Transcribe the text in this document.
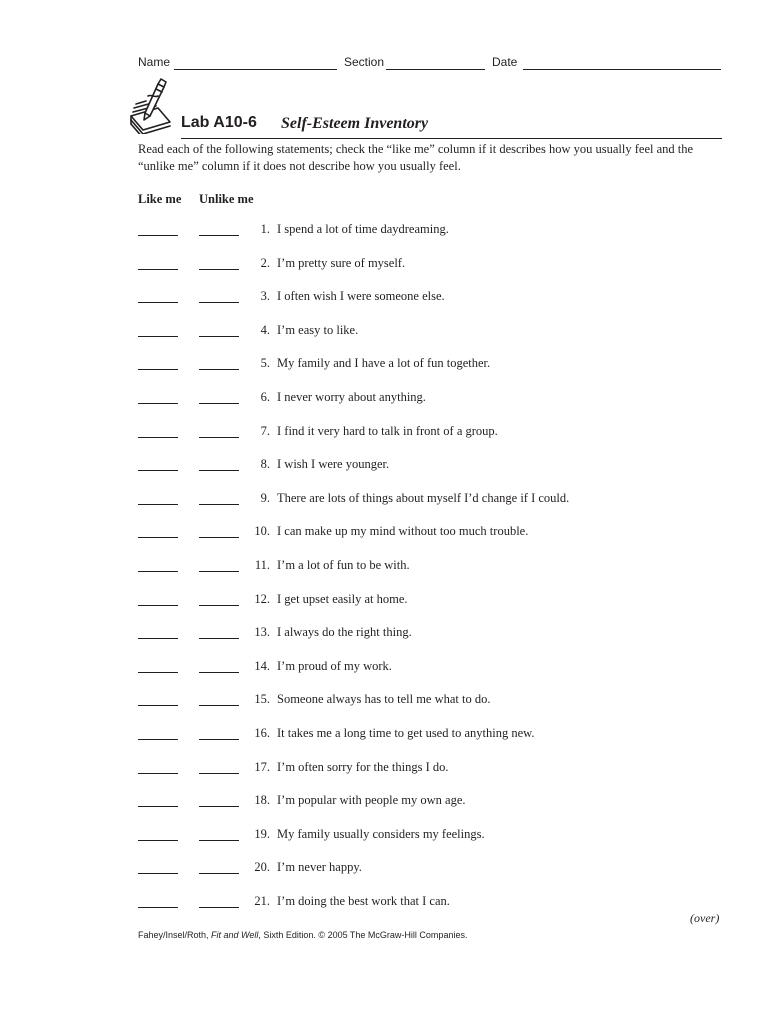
Name	Section	Date
Lab A10-6 Self-Esteem Inventory

Read each of the following statements; check the “like me” column if it describes how you usually feel and the “unlike me” column if it does not describe how you usually feel.

Like me Unlike me
1. I spend a lot of time daydreaming.
2. I’m pretty sure of myself.
3. I often wish I were someone else.
4. I’m easy to like.
5. My family and I have a lot of fun together.
6. I never worry about anything.
7. I find it very hard to talk in front of a group.
8. I wish I were younger.
9. There are lots of things about myself I’d change if I could.
10. I can make up my mind without too much trouble.
11. I’m a lot of fun to be with.
12. I get upset easily at home.
13. I always do the right thing.
14. I’m proud of my work.
15. Someone always has to tell me what to do.
16. It takes me a long time to get used to anything new.
17. I’m often sorry for the things I do.
18. I’m popular with people my own age.
19. My family usually considers my feelings.
20. I’m never happy.
21. I’m doing the best work that I can.
(over)
Fahey/Insel/Roth, Fit and Well, Sixth Edition. © 2005 The McGraw-Hill Companies.
